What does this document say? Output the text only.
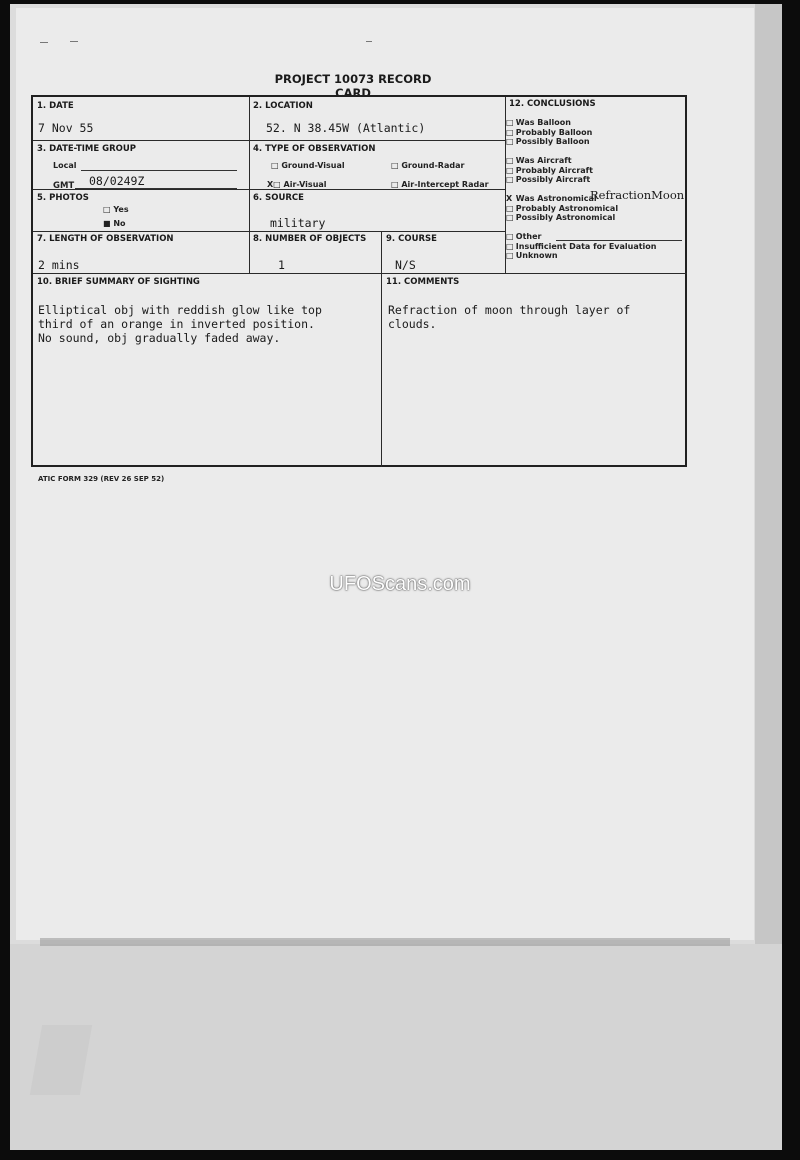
PROJECT 10073 RECORD CARD
1. DATE
7 Nov 55
2. LOCATION
52. N 38.45W (Atlantic)
3. DATE-TIME GROUP
Local
GMT 08/0249Z
4. TYPE OF OBSERVATION
□ Ground-Visual	□ Ground-Radar
X□ Air-Visual	□ Air-Intercept Radar
5. PHOTOS
□ Yes
■ No
6. SOURCE
military
7. LENGTH OF OBSERVATION
2 mins
8. NUMBER OF OBJECTS
1
9. COURSE
N/S
10. BRIEF SUMMARY OF SIGHTING
Elliptical obj with reddish glow like top
third of an orange in inverted position.
No sound, obj gradually faded away.
11. COMMENTS
Refraction of moon through layer of
clouds.
12. CONCLUSIONS
□ Was Balloon
□ Probably Balloon
□ Possibly Balloon
□ Was Aircraft
□ Probably Aircraft
□ Possibly Aircraft
X Was Astronomical
□ Probably Astronomical
□ Possibly Astronomical
□ Other
□ Insufficient Data for Evaluation
□ Unknown
RefractionMoon
ATIC FORM 329 (REV 26 SEP 52)
UFOScans.com
